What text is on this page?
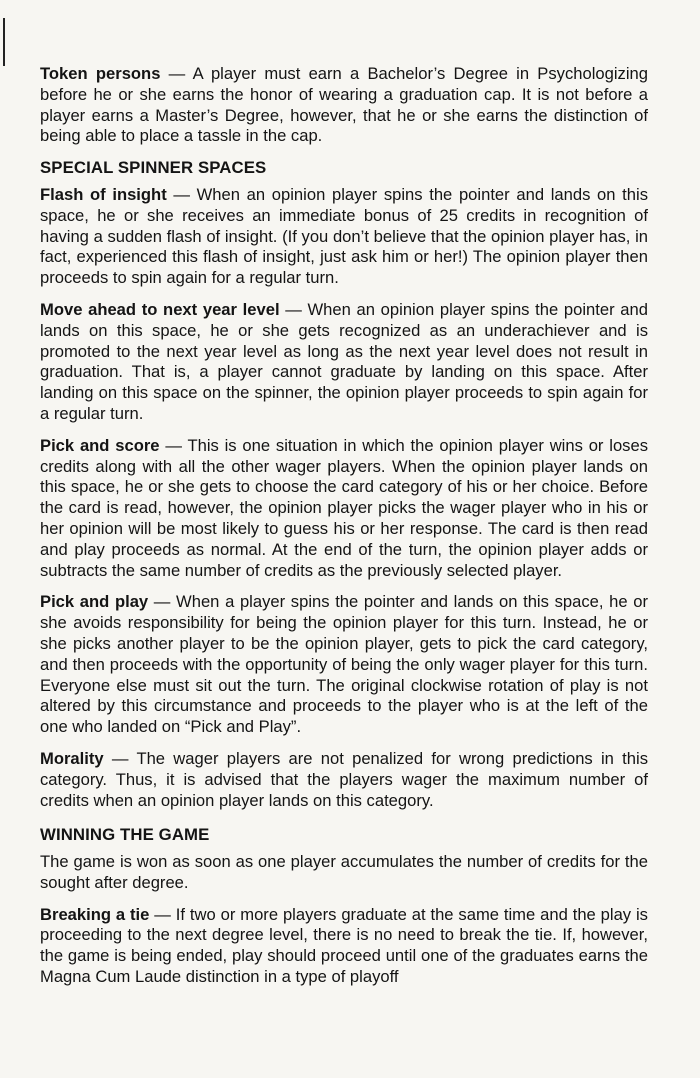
Token persons — A player must earn a Bachelor’s Degree in Psychologizing before he or she earns the honor of wearing a graduation cap. It is not before a player earns a Master’s Degree, however, that he or she earns the distinction of being able to place a tassle in the cap.

SPECIAL SPINNER SPACES

Flash of insight — When an opinion player spins the pointer and lands on this space, he or she receives an immediate bonus of 25 credits in recognition of having a sudden flash of insight. (If you don’t believe that the opinion player has, in fact, experienced this flash of insight, just ask him or her!) The opinion player then proceeds to spin again for a regular turn.

Move ahead to next year level — When an opinion player spins the pointer and lands on this space, he or she gets recognized as an underachiever and is promoted to the next year level as long as the next year level does not result in graduation. That is, a player cannot graduate by landing on this space. After landing on this space on the spinner, the opinion player proceeds to spin again for a regular turn.

Pick and score — This is one situation in which the opinion player wins or loses credits along with all the other wager players. When the opinion player lands on this space, he or she gets to choose the card category of his or her choice. Before the card is read, however, the opinion player picks the wager player who in his or her opinion will be most likely to guess his or her response. The card is then read and play proceeds as normal. At the end of the turn, the opinion player adds or subtracts the same number of credits as the previously selected player.

Pick and play — When a player spins the pointer and lands on this space, he or she avoids responsibility for being the opinion player for this turn. Instead, he or she picks another player to be the opinion player, gets to pick the card category, and then proceeds with the opportunity of being the only wager player for this turn. Everyone else must sit out the turn. The original clockwise rotation of play is not altered by this circumstance and proceeds to the player who is at the left of the one who landed on “Pick and Play”.

Morality — The wager players are not penalized for wrong predictions in this category. Thus, it is advised that the players wager the maximum number of credits when an opinion player lands on this category.

WINNING THE GAME

The game is won as soon as one player accumulates the number of credits for the sought after degree.

Breaking a tie — If two or more players graduate at the same time and the play is proceeding to the next degree level, there is no need to break the tie. If, however, the game is being ended, play should proceed until one of the graduates earns the Magna Cum Laude distinction in a type of playoff
